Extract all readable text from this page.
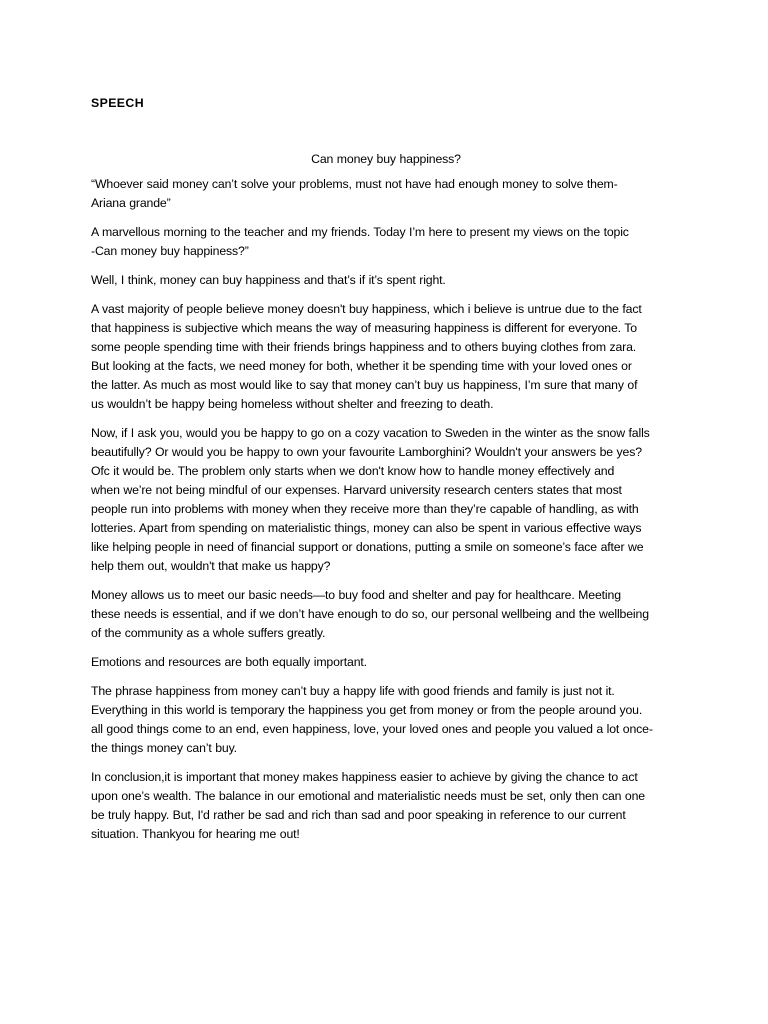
SPEECH

Can money buy happiness?

“Whoever said money can’t solve your problems, must not have had enough money to solve them-
Ariana grande”
A marvellous morning to the teacher and my friends. Today I’m here to present my views on the topic
-Can money buy happiness?”
Well, I think, money can buy happiness and that’s if it’s spent right.
A vast majority of people believe money doesn't buy happiness, which i believe is untrue due to the fact
that happiness is subjective which means the way of measuring happiness is different for everyone. To
some people spending time with their friends brings happiness and to others buying clothes from zara.
But looking at the facts, we need money for both, whether it be spending time with your loved ones or
the latter. As much as most would like to say that money can’t buy us happiness, I’m sure that many of
us wouldn’t be happy being homeless without shelter and freezing to death.
Now, if I ask you, would you be happy to go on a cozy vacation to Sweden in the winter as the snow falls
beautifully? Or would you be happy to own your favourite Lamborghini? Wouldn't your answers be yes?
Ofc it would be. The problem only starts when we don't know how to handle money effectively and
when we’re not being mindful of our expenses. Harvard university research centers states that most
people run into problems with money when they receive more than they’re capable of handling, as with
lotteries. Apart from spending on materialistic things, money can also be spent in various effective ways
like helping people in need of financial support or donations, putting a smile on someone’s face after we
help them out, wouldn't that make us happy?
Money allows us to meet our basic needs—to buy food and shelter and pay for healthcare. Meeting
these needs is essential, and if we don’t have enough to do so, our personal wellbeing and the wellbeing
of the community as a whole suffers greatly.
Emotions and resources are both equally important.
The phrase happiness from money can’t buy a happy life with good friends and family is just not it.
Everything in this world is temporary the happiness you get from money or from the people around you.
all good things come to an end, even happiness, love, your loved ones and people you valued a lot once-
the things money can’t buy.
In conclusion,it is important that money makes happiness easier to achieve by giving the chance to act
upon one’s wealth. The balance in our emotional and materialistic needs must be set, only then can one
be truly happy. But, I'd rather be sad and rich than sad and poor speaking in reference to our current
situation. Thankyou for hearing me out!
